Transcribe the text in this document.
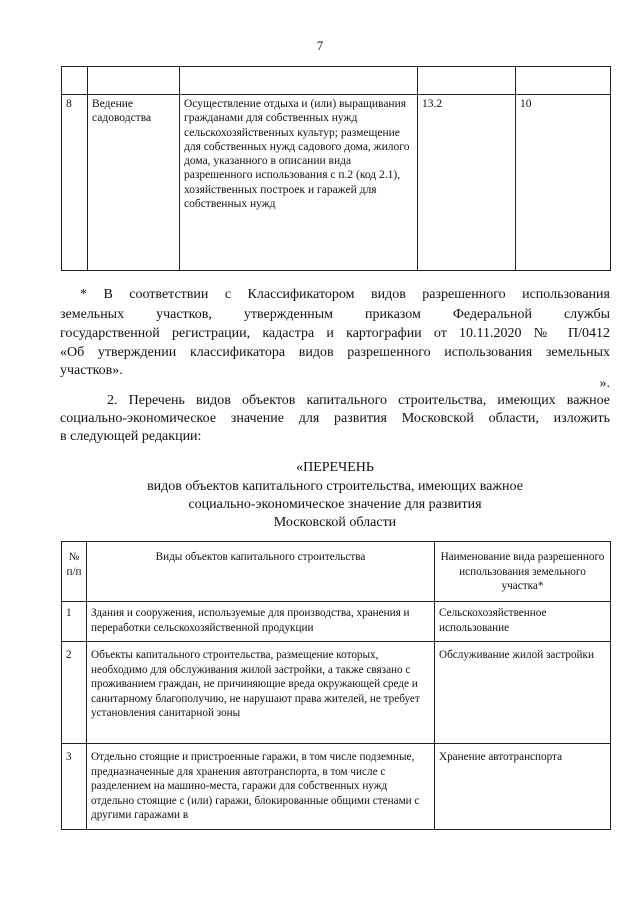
7

8	Ведение садоводства	Осуществление отдыха и (или) выращивания гражданами для собственных нужд сельскохозяйственных культур; размещение для собственных нужд садового дома, жилого дома, указанного в описании вида разрешенного использования с п.2 (код 2.1), хозяйственных построек и гаражей для собственных нужд	13.2	10
* В соответствии с Классификатором видов разрешенного использования
земельных участков, утвержденным приказом Федеральной службы
государственной регистрации, кадастра и картографии от 10.11.2020 № П/0412
«Об утверждении классификатора видов разрешенного использования земельных
участков».
».
2. Перечень видов объектов капитального строительства, имеющих важное
социально-экономическое значение для развития Московской области, изложить
в следующей редакции:
«ПЕРЕЧЕНЬ
видов объектов капитального строительства, имеющих важное
социально-экономическое значение для развития
Московской области
№ п/п	Виды объектов капитального строительства	Наименование вида разрешенного использования земельного участка*
1	Здания и сооружения, используемые для производства, хранения и переработки сельскохозяйственной продукции	Сельскохозяйственное использование
2	Объекты капитального строительства, размещение которых, необходимо для обслуживания жилой застройки, а также связано с проживанием граждан, не причиняющие вреда окружающей среде и санитарному благополучию, не нарушают права жителей, не требует установления санитарной зоны	Обслуживание жилой застройки
3	Отдельно стоящие и пристроенные гаражи, в том числе подземные, предназначенные для хранения автотранспорта, в том числе с разделением на машино-места, гаражи для собственных нужд отдельно стоящие с (или) гаражи, блокированные общими стенами с другими гаражами в	Хранение автотранспорта
